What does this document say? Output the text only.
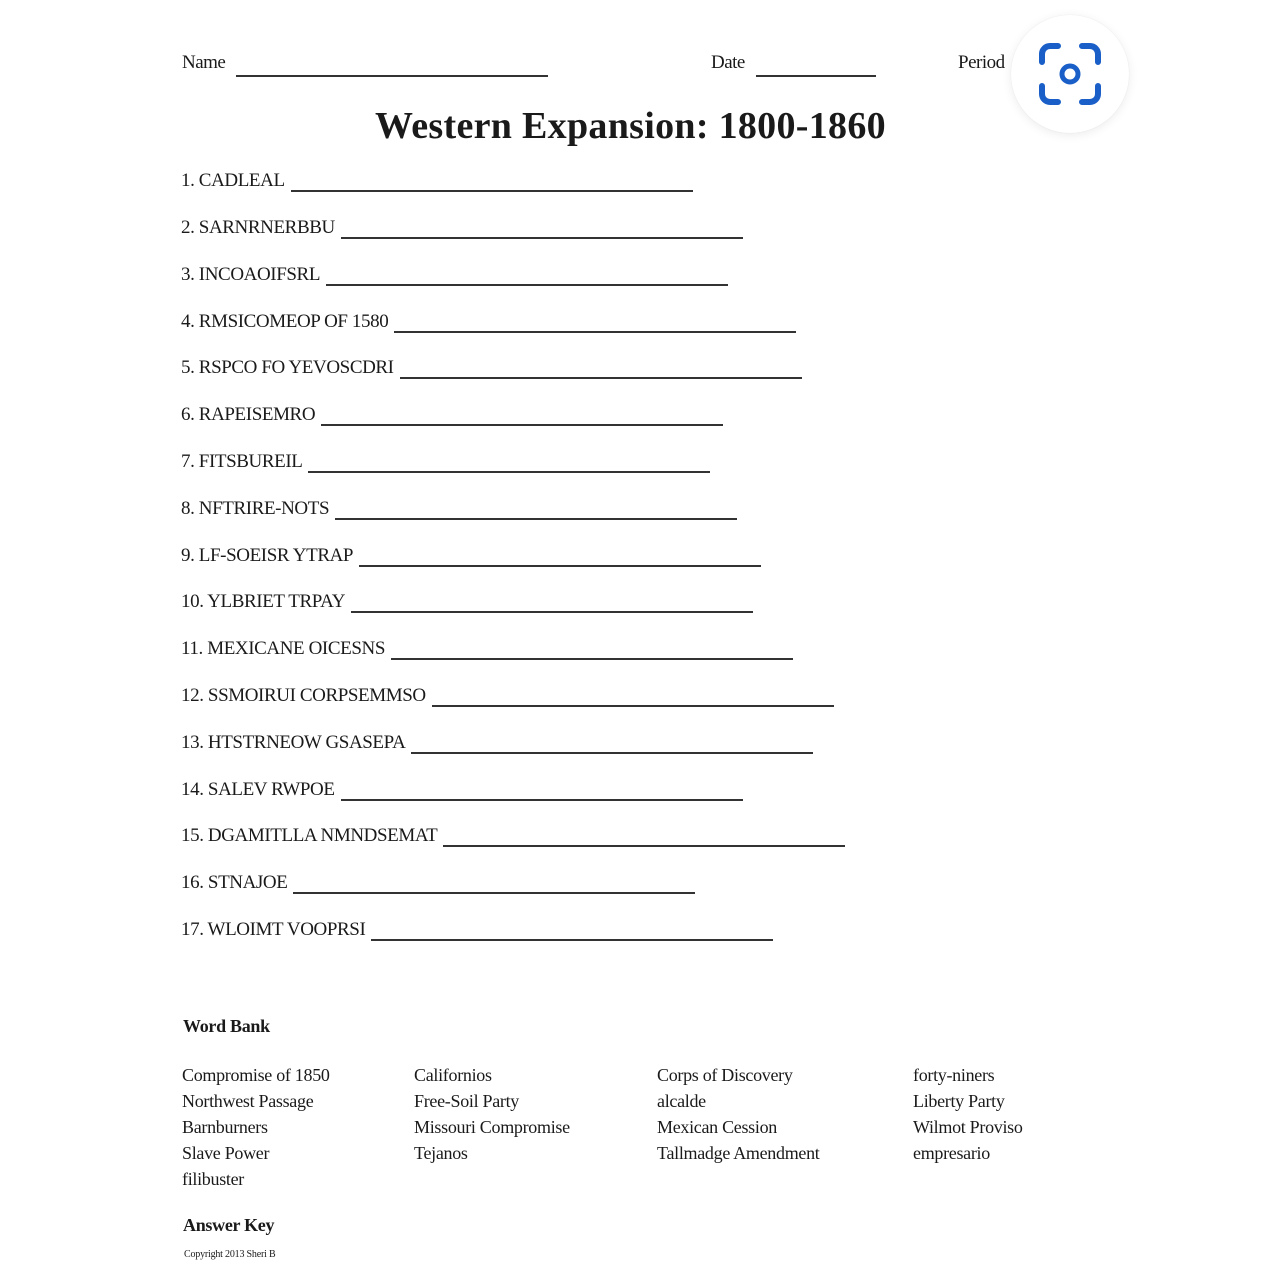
Name	Date	Period
Western Expansion: 1800-1860
1. CADLEAL
2. SARNRNERBBU
3. INCOAOIFSRL
4. RMSICOMEOP OF 1580
5. RSPCO FO YEVOSCDRI
6. RAPEISEMRO
7. FITSBUREIL
8. NFTRIRE-NOTS
9. LF-SOEISR YTRAP
10. YLBRIET TRPAY
11. MEXICANE OICESNS
12. SSMOIRUI CORPSEMMSO
13. HTSTRNEOW GSASEPA
14. SALEV RWPOE
15. DGAMITLLA NMNDSEMAT
16. STNAJOE
17. WLOIMT VOOPRSI
Word Bank
Compromise of 1850
Northwest Passage
Barnburners
Slave Power
filibuster
Californios
Free-Soil Party
Missouri Compromise
Tejanos
Corps of Discovery
alcalde
Mexican Cession
Tallmadge Amendment
forty-niners
Liberty Party
Wilmot Proviso
empresario
Answer Key
Copyright 2013 Sheri B
